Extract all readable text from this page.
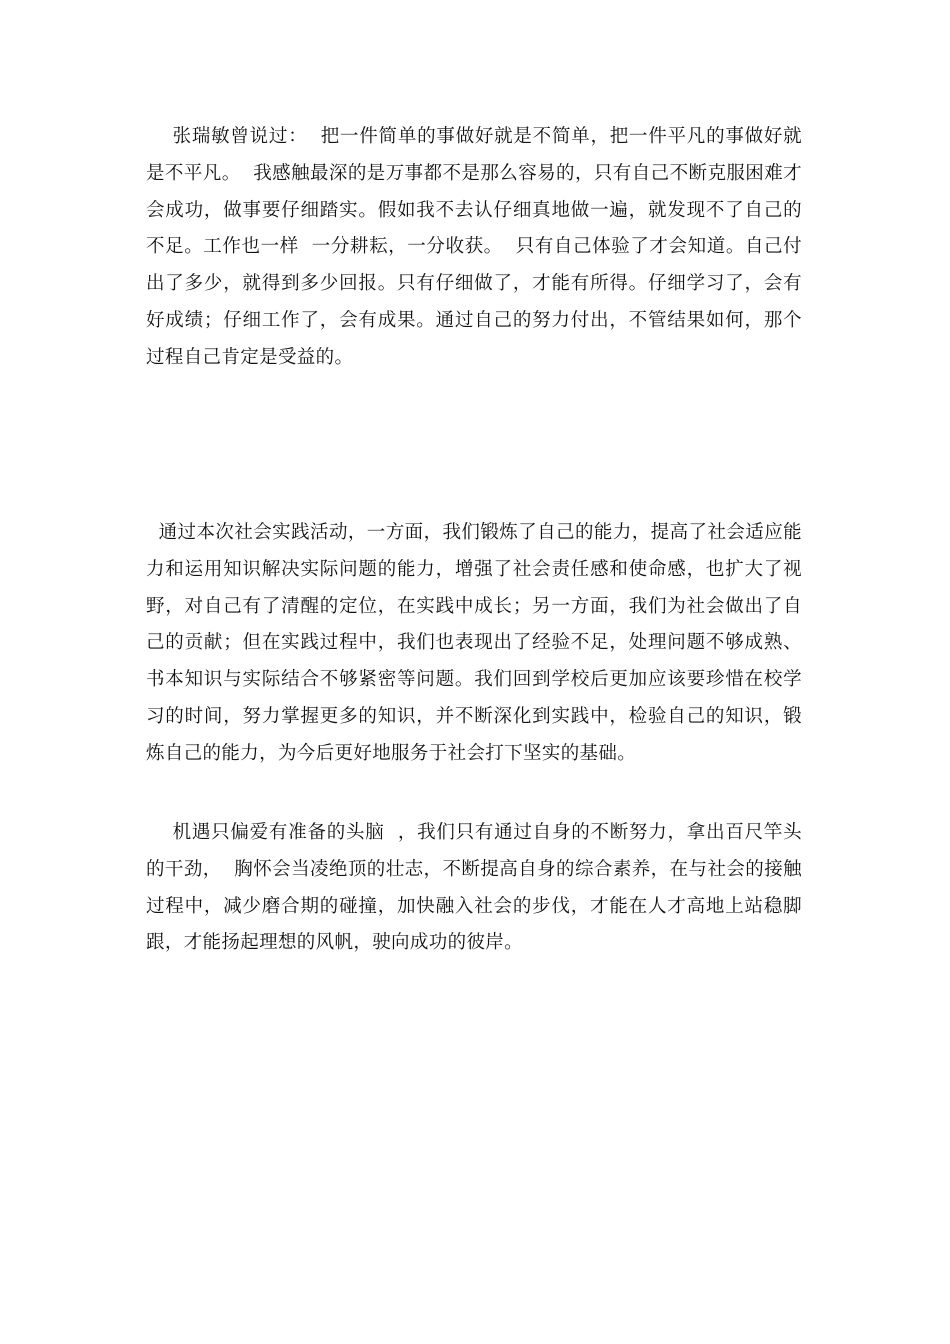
张瑞敏曾说过：  把一件简单的事做好就是不简单，把一件平凡的事做好就是不平凡。  我感触最深的是万事都不是那么容易的，只有自己不断克服困难才会成功，做事要仔细踏实。假如我不去认仔细真地做一遍，就发现不了自己的不足。工作也一样  一分耕耘，一分收获。  只有自己体验了才会知道。自己付出了多少，就得到多少回报。只有仔细做了，才能有所得。仔细学习了，会有好成绩；仔细工作了，会有成果。通过自己的努力付出，不管结果如何，那个过程自己肯定是受益的。

通过本次社会实践活动，一方面，我们锻炼了自己的能力，提高了社会适应能力和运用知识解决实际问题的能力，增强了社会责任感和使命感，也扩大了视野，对自己有了清醒的定位，在实践中成长；另一方面，我们为社会做出了自己的贡献；但在实践过程中，我们也表现出了经验不足，处理问题不够成熟、书本知识与实际结合不够紧密等问题。我们回到学校后更加应该要珍惜在校学习的时间，努力掌握更多的知识，并不断深化到实践中，检验自己的知识，锻炼自己的能力，为今后更好地服务于社会打下坚实的基础。

机遇只偏爱有准备的头脑  ，我们只有通过自身的不断努力，拿出百尺竿头的干劲，  胸怀会当凌绝顶的壮志，不断提高自身的综合素养，在与社会的接触过程中，减少磨合期的碰撞，加快融入社会的步伐，才能在人才高地上站稳脚跟，才能扬起理想的风帆，驶向成功的彼岸。
